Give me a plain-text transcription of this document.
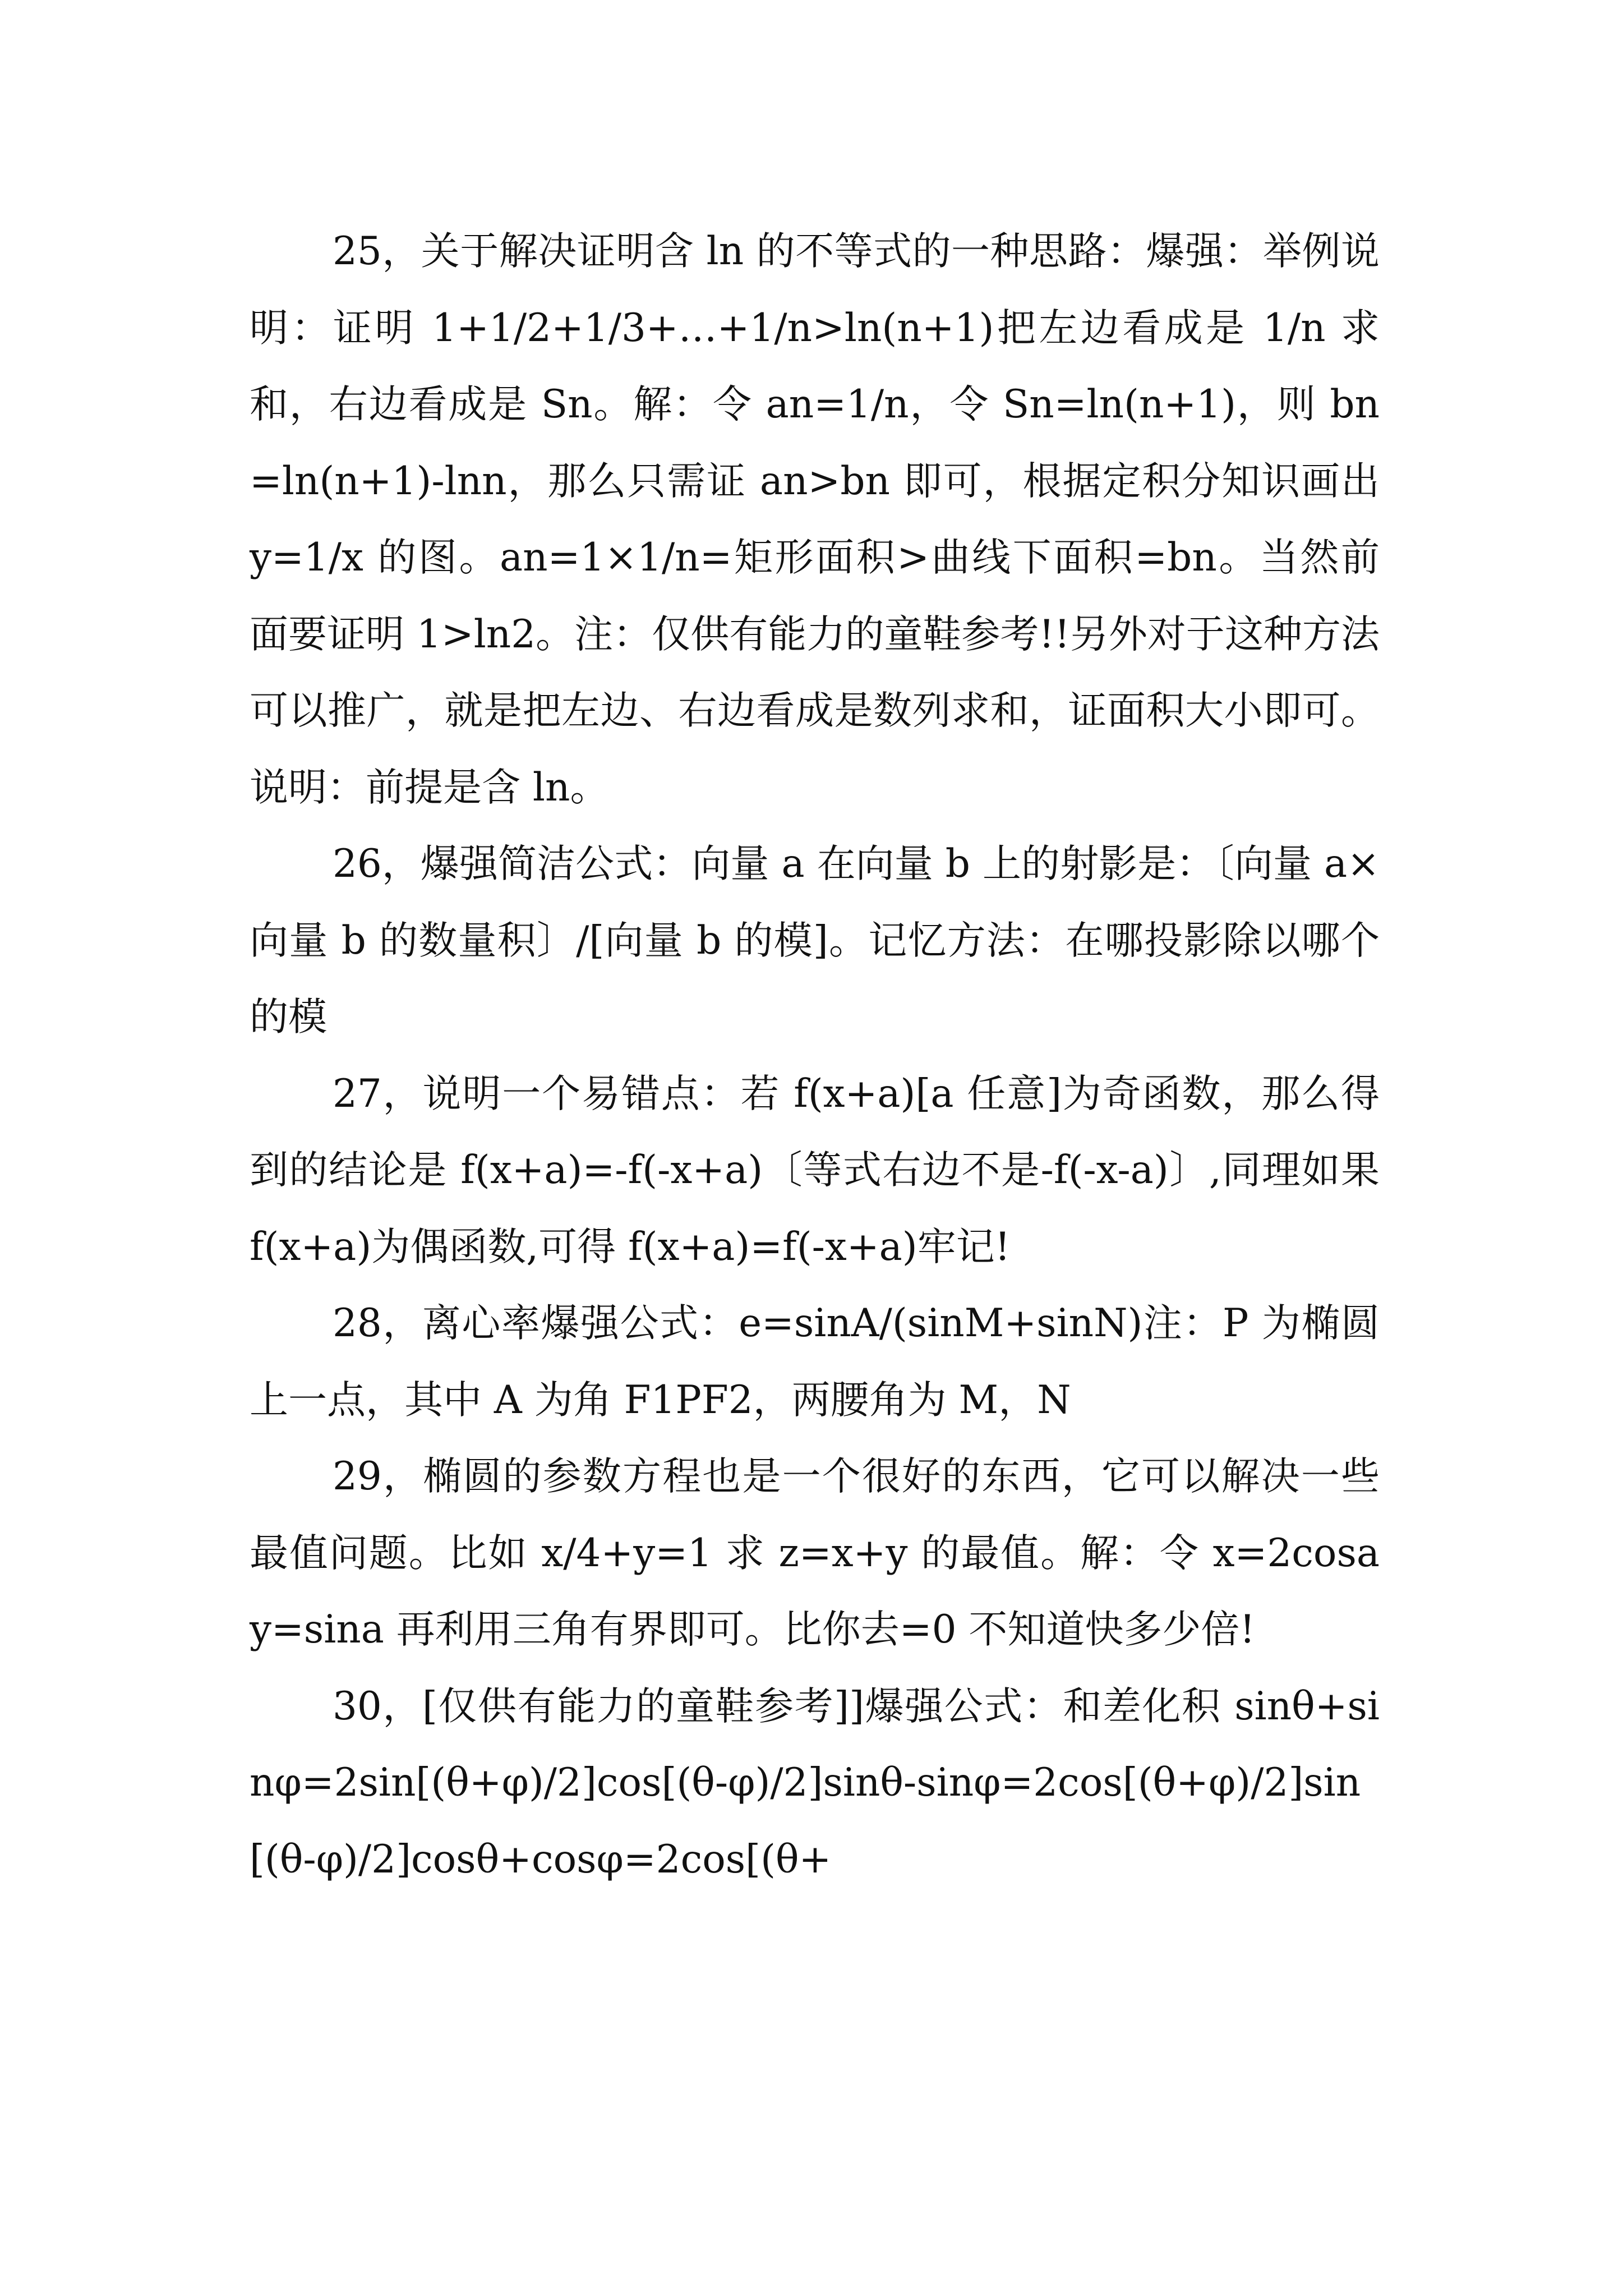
25，关于解决证明含 ln 的不等式的一种思路：爆强：举例说明：证明 1+1/2+1/3+…+1/n>ln(n+1)把左边看成是 1/n 求和，右边看成是 Sn。解：令 an=1/n，令 Sn=ln(n+1)，则 bn=ln(n+1)-lnn，那么只需证 an>bn 即可，根据定积分知识画出 y=1/x 的图。an=1×1/n=矩形面积>曲线下面积=bn。当然前面要证明 1>ln2。注：仅供有能力的童鞋参考!!另外对于这种方法可以推广，就是把左边、右边看成是数列求和，证面积大小即可。说明：前提是含 ln。

26，爆强简洁公式：向量 a 在向量 b 上的射影是：〔向量 a×向量 b 的数量积〕/[向量 b 的模]。记忆方法：在哪投影除以哪个的模

27，说明一个易错点：若 f(x+a)[a 任意]为奇函数，那么得到的结论是 f(x+a)=-f(-x+a)〔等式右边不是-f(-x-a)〕,同理如果 f(x+a)为偶函数,可得 f(x+a)=f(-x+a)牢记!

28，离心率爆强公式：e=sinA/(sinM+sinN)注：P 为椭圆上一点，其中 A 为角 F1PF2，两腰角为 M，N

29，椭圆的参数方程也是一个很好的东西，它可以解决一些最值问题。比如 x/4+y=1 求 z=x+y 的最值。解：令 x=2cosay=sina 再利用三角有界即可。比你去=0 不知道快多少倍!

30，[仅供有能力的童鞋参考]]爆强公式：和差化积 sinθ+sinφ=2sin[(θ+φ)/2]cos[(θ-φ)/2]sinθ-sinφ=2cos[(θ+φ)/2]sin[(θ-φ)/2]cosθ+cosφ=2cos[(θ+
